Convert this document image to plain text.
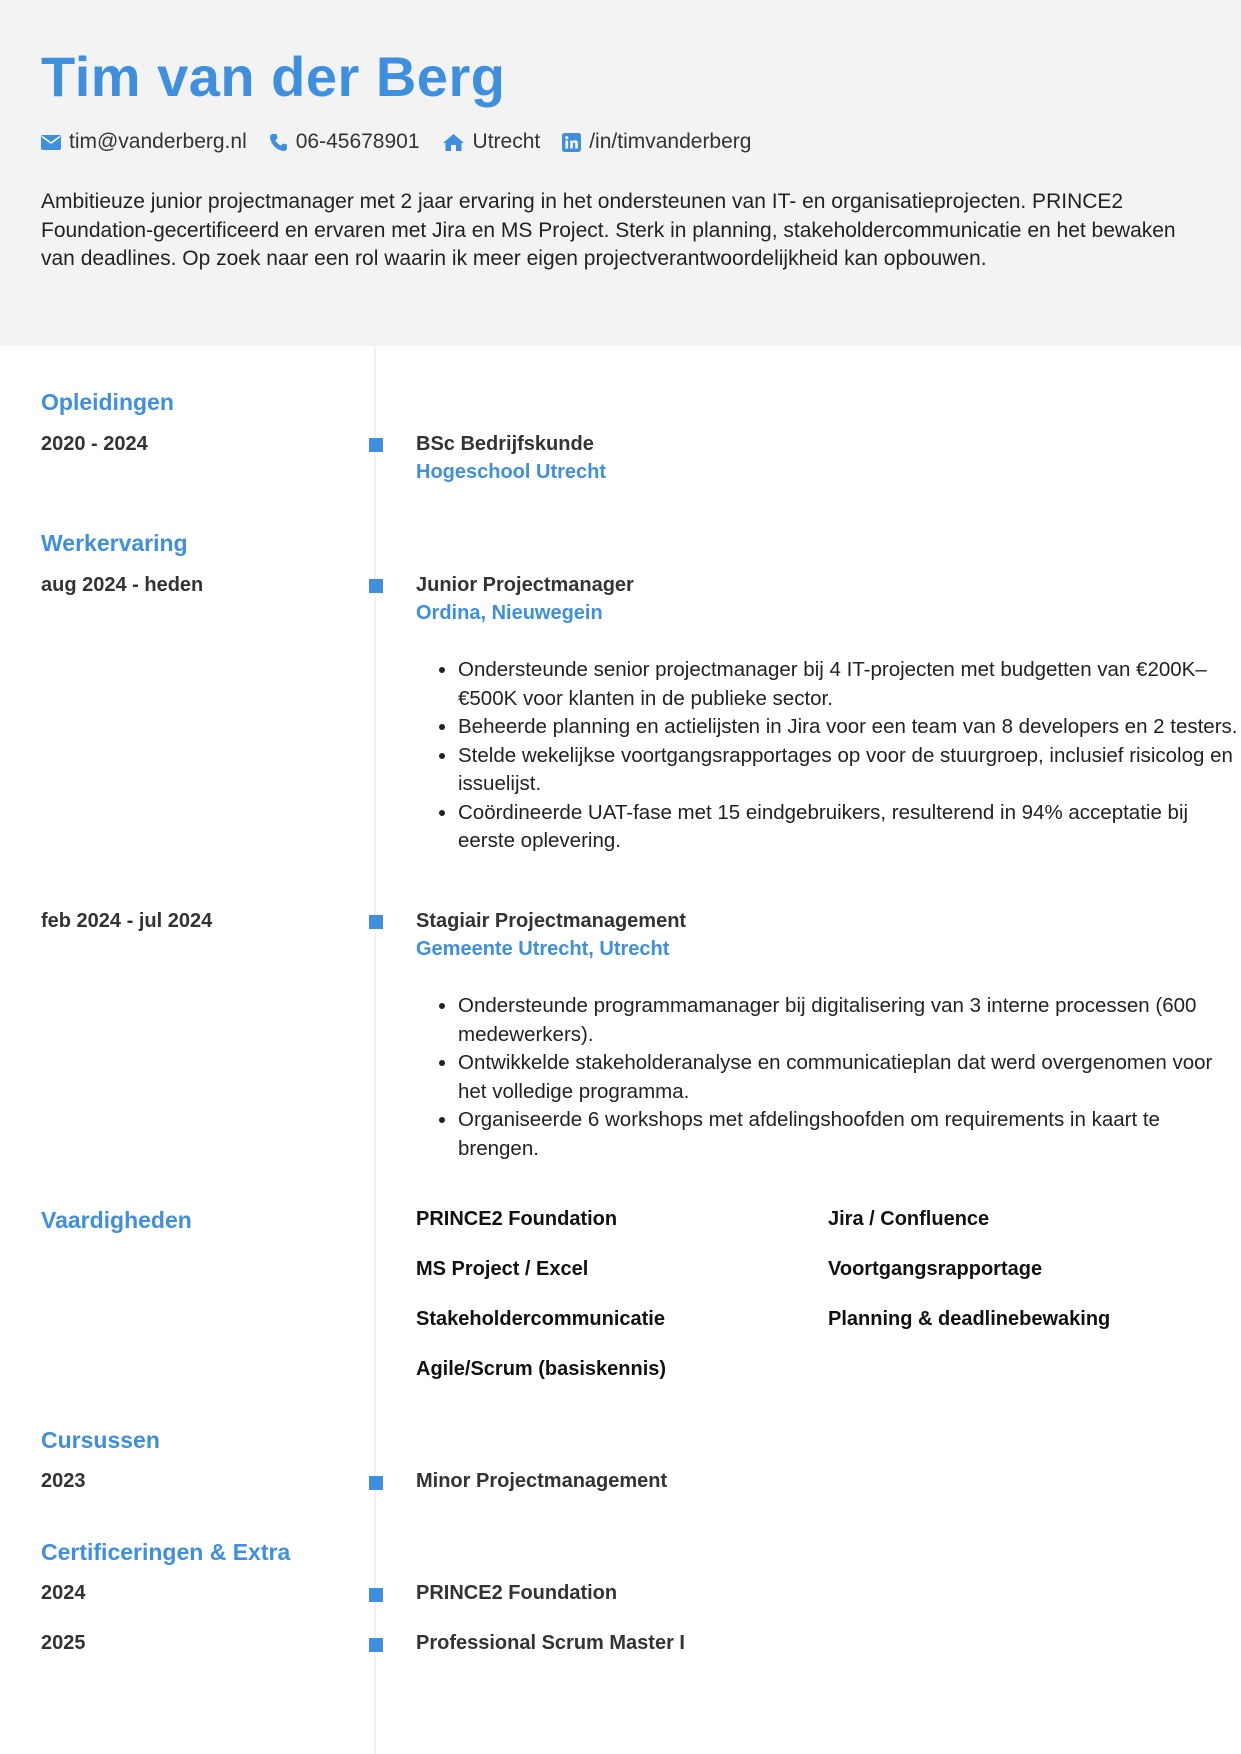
Tim van der Berg
tim@vanderberg.nl 06-45678901	Utrecht /in/timvanderberg

Ambitieuze junior projectmanager met 2 jaar ervaring in het ondersteunen van IT- en organisatieprojecten. PRINCE2 Foundation-gecertificeerd en ervaren met Jira en MS Project. Sterk in planning, stakeholdercommunicatie en het bewaken van deadlines. Op zoek naar een rol waarin ik meer eigen projectverantwoordelijkheid kan opbouwen.

Opleidingen
2020 - 2024	BSc Bedrijfskunde
Hogeschool Utrecht
Werkervaring
aug 2024 - heden	Junior Projectmanager
Ordina, Nieuwegein
• Ondersteunde senior projectmanager bij 4 IT-projecten met budgetten van €200K–€500K voor klanten in de publieke sector.
• Beheerde planning en actielijsten in Jira voor een team van 8 developers en 2 testers.
• Stelde wekelijkse voortgangsrapportages op voor de stuurgroep, inclusief risicolog en issuelijst.
• Coördineerde UAT-fase met 15 eindgebruikers, resulterend in 94% acceptatie bij eerste oplevering.
feb 2024 - jul 2024	Stagiair Projectmanagement
Gemeente Utrecht, Utrecht
• Ondersteunde programmamanager bij digitalisering van 3 interne processen (600 medewerkers).
• Ontwikkelde stakeholderanalyse en communicatieplan dat werd overgenomen voor het volledige programma.
• Organiseerde 6 workshops met afdelingshoofden om requirements in kaart te brengen.
Vaardigheden	PRINCE2 Foundation	Jira / Confluence
MS Project / Excel	Voortgangsrapportage
Stakeholdercommunicatie	Planning & deadlinebewaking
Agile/Scrum (basiskennis)
Cursussen
2023	Minor Projectmanagement
Certificeringen & Extra
2024	PRINCE2 Foundation
2025	Professional Scrum Master I
